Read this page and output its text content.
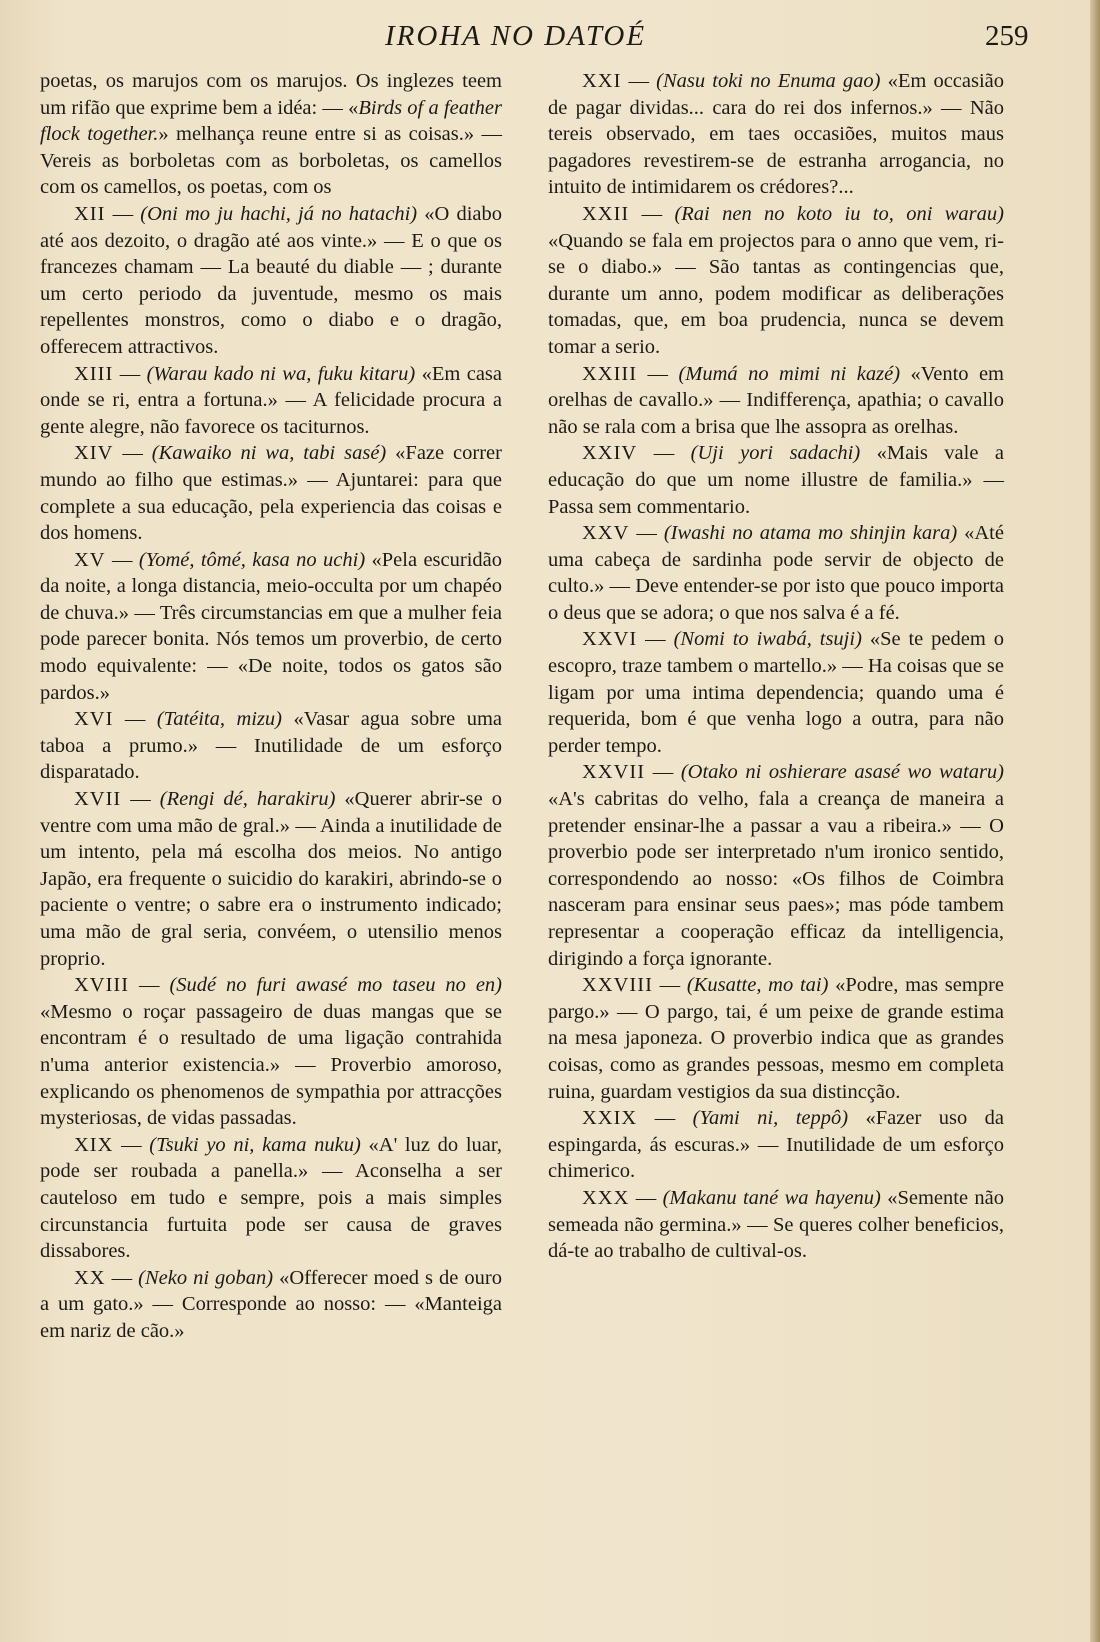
IROHA NO DATOÉ	259

poetas, os marujos com os marujos. Os inglezes teem um rifão que exprime bem a idéa: — «Birds of a feather flock together.» melhança reune entre si as coisas.» — Vereis as borboletas com as borboletas, os camellos com os camellos, os poetas, com os

XII — (Oni mo ju hachi, já no hatachi) «O diabo até aos dezoito, o dragão até aos vinte.» — E o que os francezes chamam — La beauté du diable — ; durante um certo periodo da juventude, mesmo os mais repellentes monstros, como o diabo e o dragão, offerecem attractivos.

XIII — (Warau kado ni wa, fuku kitaru) «Em casa onde se ri, entra a fortuna.» — A felicidade procura a gente alegre, não favorece os taciturnos.

XIV — (Kawaiko ni wa, tabi sasé) «Faze correr mundo ao filho que estimas.» — Ajuntarei: para que complete a sua educação, pela experiencia das coisas e dos homens.

XV — (Yomé, tômé, kasa no uchi) «Pela escuridão da noite, a longa distancia, meio-occulta por um chapéo de chuva.» — Três circumstancias em que a mulher feia pode parecer bonita. Nós temos um proverbio, de certo modo equivalente: — «De noite, todos os gatos são pardos.»

XVI — (Tatéita, mizu) «Vasar agua sobre uma taboa a prumo.» — Inutilidade de um esforço disparatado.

XVII — (Rengi dé, harakiru) «Querer abrir-se o ventre com uma mão de gral.» — Ainda a inutilidade de um intento, pela má escolha dos meios. No antigo Japão, era frequente o suicidio do karakiri, abrindo-se o paciente o ventre; o sabre era o instrumento indicado; uma mão de gral seria, convéem, o utensilio menos proprio.

XVIII — (Sudé no furi awasé mo taseu no en) «Mesmo o roçar passageiro de duas mangas que se encontram é o resultado de uma ligação contrahida n'uma anterior existencia.» — Proverbio amoroso, explicando os phenomenos de sympathia por attracções mysteriosas, de vidas passadas.

XIX — (Tsuki yo ni, kama nuku) «A' luz do luar, pode ser roubada a panella.» — Aconselha a ser cauteloso em tudo e sempre, pois a mais simples circunstancia furtuita pode ser causa de graves dissabores.

XX — (Neko ni goban) «Offerecer moed s de ouro a um gato.» — Corresponde ao nosso: — «Manteiga em nariz de cão.»

XXI — (Nasu toki no Enuma gao) «Em occasião de pagar dividas... cara do rei dos infernos.» — Não tereis observado, em taes occasiões, muitos maus pagadores revestirem-se de estranha arrogancia, no intuito de intimidarem os crédores?...

XXII — (Rai nen no koto iu to, oni warau) «Quando se fala em projectos para o anno que vem, ri-se o diabo.» — São tantas as contingencias que, durante um anno, podem modificar as deliberações tomadas, que, em boa prudencia, nunca se devem tomar a serio.

XXIII — (Mumá no mimi ni kazé) «Vento em orelhas de cavallo.» — Indifferença, apathia; o cavallo não se rala com a brisa que lhe assopra as orelhas.

XXIV — (Uji yori sadachi) «Mais vale a educação do que um nome illustre de familia.» — Passa sem commentario.

XXV — (Iwashi no atama mo shinjin kara) «Até uma cabeça de sardinha pode servir de objecto de culto.» — Deve entender-se por isto que pouco importa o deus que se adora; o que nos salva é a fé.

XXVI — (Nomi to iwabá, tsuji) «Se te pedem o escopro, traze tambem o martello.» — Ha coisas que se ligam por uma intima dependencia; quando uma é requerida, bom é que venha logo a outra, para não perder tempo.

XXVII — (Otako ni oshierare asasé wo wataru) «A's cabritas do velho, fala a creança de maneira a pretender ensinar-lhe a passar a vau a ribeira.» — O proverbio pode ser interpretado n'um ironico sentido, correspondendo ao nosso: «Os filhos de Coimbra nasceram para ensinar seus paes»; mas póde tambem representar a cooperação efficaz da intelligencia, dirigindo a força ignorante.

XXVIII — (Kusatte, mo tai) «Podre, mas sempre pargo.» — O pargo, tai, é um peixe de grande estima na mesa japoneza. O proverbio indica que as grandes coisas, como as grandes pessoas, mesmo em completa ruina, guardam vestigios da sua distincção.

XXIX — (Yami ni, teppô) «Fazer uso da espingarda, ás escuras.» — Inutilidade de um esforço chimerico.

XXX — (Makanu tané wa hayenu) «Semente não semeada não germina.» — Se queres colher beneficios, dá-te ao trabalho de cultival-os.
